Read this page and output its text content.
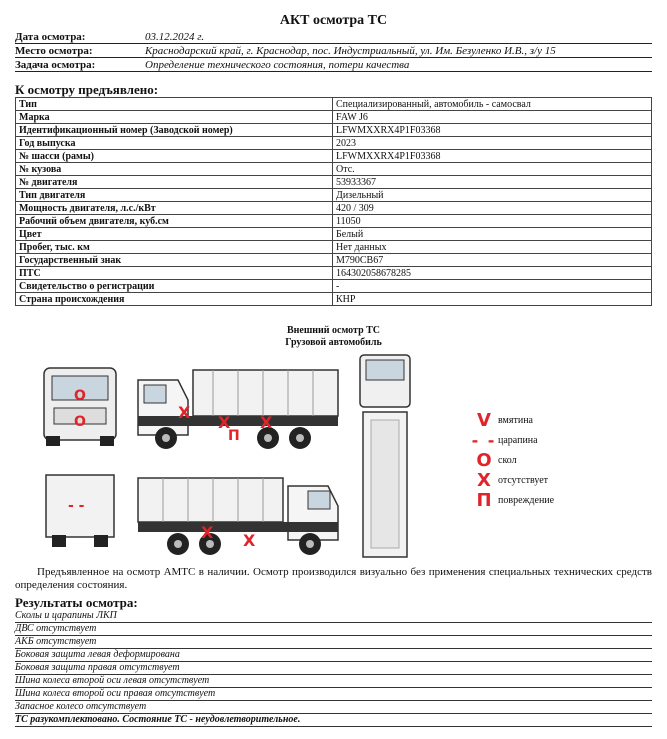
АКТ осмотра ТС
Дата осмотра:	03.12.2024 г.
Место осмотра:	Краснодарский край, г. Краснодар, пос. Индустриальный, ул. Им. Безуленко И.В., з/у 15
Задача осмотра:	Определение технического состояния, потери качества
К осмотру предъявлено:
Тип	Специализированный, автомобиль - самосвал
Марка	FAW J6
Идентификационный номер (Заводской номер)	LFWMXXRX4P1F03368
Год выпуска	2023
№ шасси (рамы)	LFWMXXRX4P1F03368
№ кузова	Отс.
№ двигателя	53933367
Тип двигателя	Дизельный
Мощность двигателя, л.с./кВт	420 / 309
Рабочий объем двигателя, куб.см	11050
Цвет	Белый
Пробег, тыс. км	Нет данных
Государственный знак	М790СВ67
ПТС	164302058678285
Свидетельство о регистрации	-
Страна происхождения	КНР
Внешний осмотр ТС
Грузовой автомобиль
O
O	X
X
П
X
- -
X X
V вмятина
- - царапина
O скол
X отсутствует
П повреждение
Предъявленное на осмотр АМТС в наличии. Осмотр производился визуально без применения специальных технических средств определения состояния.
Результаты осмотра:
Сколы и царапины ЛКП
ДВС отсутствует
АКБ отсутствует
Боковая защита левая деформирована
Боковая защита правая отсутствует
Шина колеса второй оси левая отсутствует
Шина колеса второй оси правая отсутствует
Запасное колесо отсутствует
ТС разукомплектовано. Состояние ТС - неудовлетворительное.
